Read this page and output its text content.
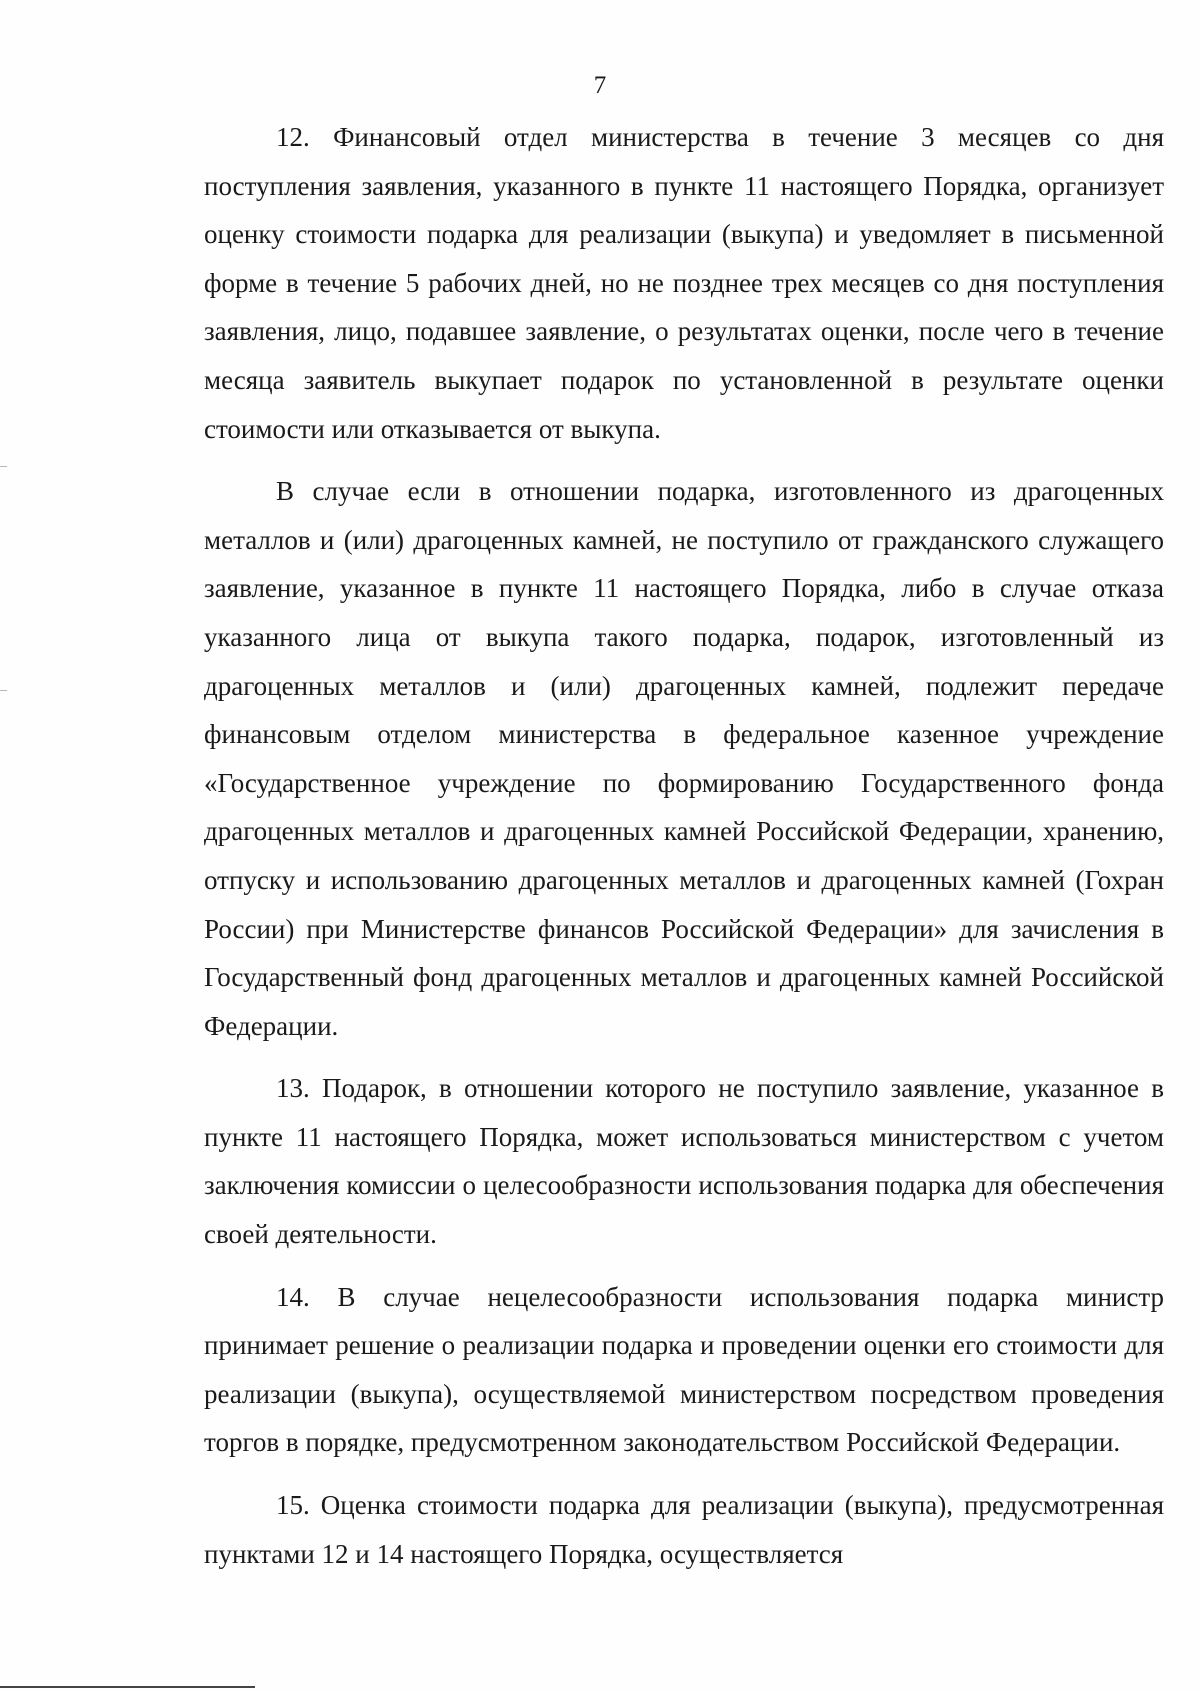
7

12. Финансовый отдел министерства в течение 3 месяцев со дня поступления заявления, указанного в пункте 11 настоящего Порядка, организует оценку стоимости подарка для реализации (выкупа) и уведомляет в письменной форме в течение 5 рабочих дней, но не позднее трех месяцев со дня поступления заявления, лицо, подавшее заявление, о результатах оценки, после чего в течение месяца заявитель выкупает подарок по установленной в результате оценки стоимости или отказывается от выкупа.

В случае если в отношении подарка, изготовленного из драгоценных металлов и (или) драгоценных камней, не поступило от гражданского служащего заявление, указанное в пункте 11 настоящего Порядка, либо в случае отказа указанного лица от выкупа такого подарка, подарок, изготовленный из драгоценных металлов и (или) драгоценных камней, подлежит передаче финансовым отделом министерства в федеральное казенное учреждение «Государственное учреждение по формированию Государственного фонда драгоценных металлов и драгоценных камней Российской Федерации, хранению, отпуску и использованию драгоценных металлов и драгоценных камней (Гохран России) при Министерстве финансов Российской Федерации» для зачисления в Государственный фонд драгоценных металлов и драгоценных камней Российской Федерации.

13. Подарок, в отношении которого не поступило заявление, указанное в пункте 11 настоящего Порядка, может использоваться министерством с учетом заключения комиссии о целесообразности использования подарка для обеспечения своей деятельности.

14. В случае нецелесообразности использования подарка министр принимает решение о реализации подарка и проведении оценки его стоимости для реализации (выкупа), осуществляемой министерством посредством проведения торгов в порядке, предусмотренном законодательством Российской Федерации.

15. Оценка стоимости подарка для реализации (выкупа), предусмотренная пунктами 12 и 14 настоящего Порядка, осуществляется
